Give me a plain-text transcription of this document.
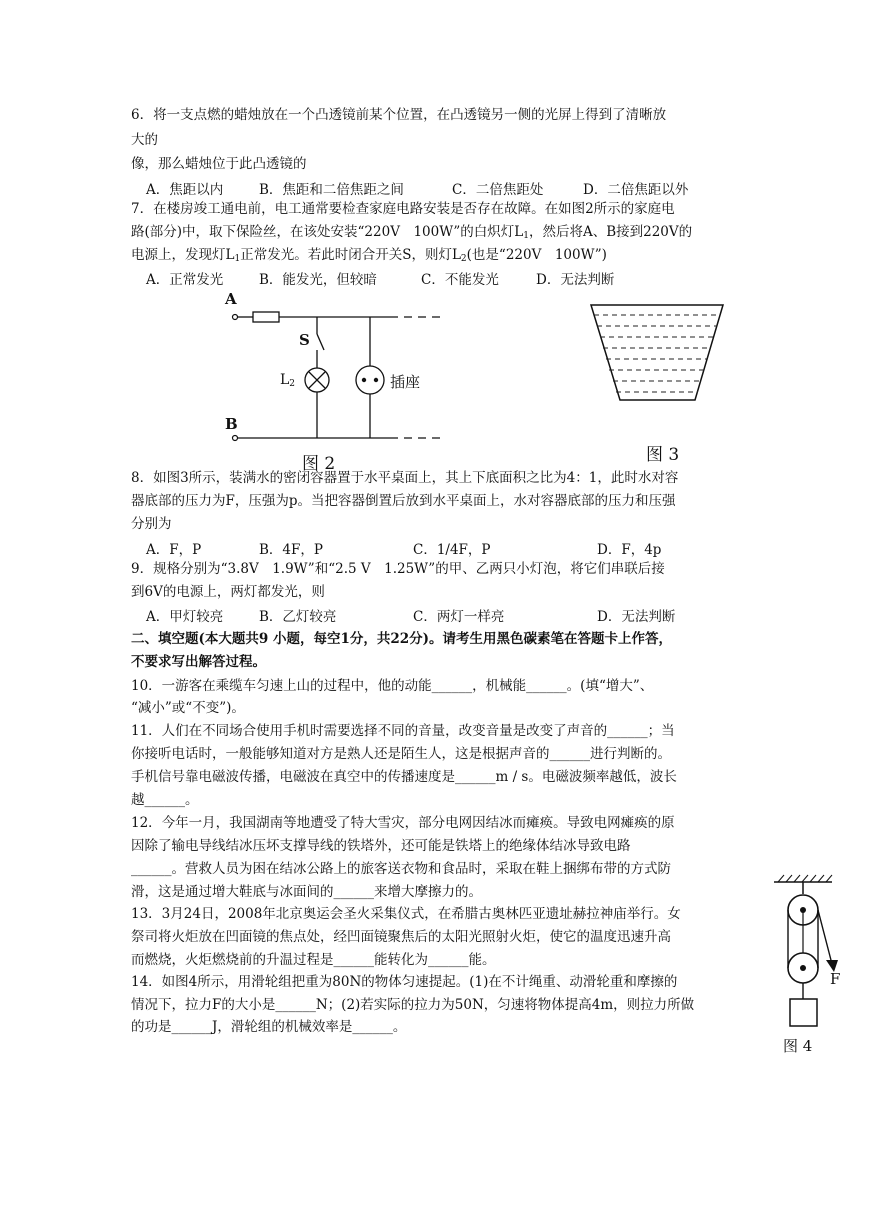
6．将一支点燃的蜡烛放在一个凸透镜前某个位置，在凸透镜另一侧的光屏上得到了清晰放
大的
像，那么蜡烛位于此凸透镜的
A．焦距以内	B．焦距和二倍焦距之间	C．二倍焦距处	D．二倍焦距以外
7．在楼房竣工通电前，电工通常要检查家庭电路安装是否存在故障。在如图2所示的家庭电
路(部分)中，取下保险丝，在该处安装“220V　100W”的白炽灯$L_1$，然后将A、B接到220V的
电源上，发现灯$L_1$正常发光。若此时闭合开关S，则灯$L_2$(也是“220V　100W”)
A．正常发光	B．能发光，但较暗	C．不能发光	D．无法判断
A
B
S
$L_2$	插座
图 2	图 3
8．如图3所示，装满水的密闭容器置于水平桌面上，其上下底面积之比为4：1，此时水对容
器底部的压力为F，压强为p。当把容器倒置后放到水平桌面上，水对容器底部的压力和压强
分别为
A．F，P	B．4F，P	C．1/4F，P	D．F，4p
9．规格分别为“3.8V　1.9W”和“2.5 V　1.25W”的甲、乙两只小灯泡，将它们串联后接
到6V的电源上，两灯都发光，则
A．甲灯较亮	B．乙灯较亮	C．两灯一样亮	D．无法判断
二、填空题(本大题共9 小题，每空1分，共22分)。请考生用黑色碳素笔在答题卡上作答，
不要求写出解答过程。
10．一游客在乘缆车匀速上山的过程中，他的动能______，机械能______。(填“增大”、
“减小”或“不变”)。
11．人们在不同场合使用手机时需要选择不同的音量，改变音量是改变了声音的______；当
你接听电话时，一般能够知道对方是熟人还是陌生人，这是根据声音的______进行判断的。
手机信号靠电磁波传播，电磁波在真空中的传播速度是______m / s。电磁波频率越低，波长
越______。
12．今年一月，我国湖南等地遭受了特大雪灾，部分电网因结冰而瘫痪。导致电网瘫痪的原
因除了输电导线结冰压坏支撑导线的铁塔外，还可能是铁塔上的绝缘体结冰导致电路
______。营救人员为困在结冰公路上的旅客送衣物和食品时，采取在鞋上捆绑布带的方式防
滑，这是通过增大鞋底与冰面间的______来增大摩擦力的。
13．3月24日，2008年北京奥运会圣火采集仪式，在希腊古奥林匹亚遗址赫拉神庙举行。女
祭司将火炬放在凹面镜的焦点处，经凹面镜聚焦后的太阳光照射火炬，使它的温度迅速升高
而燃烧，火炬燃烧前的升温过程是______能转化为______能。
14．如图4所示，用滑轮组把重为80N的物体匀速提起。(1)在不计绳重、动滑轮重和摩擦的
情况下，拉力F的大小是______N；(2)若实际的拉力为50N，匀速将物体提高4m，则拉力所做
的功是______J，滑轮组的机械效率是______。
F
图 4
